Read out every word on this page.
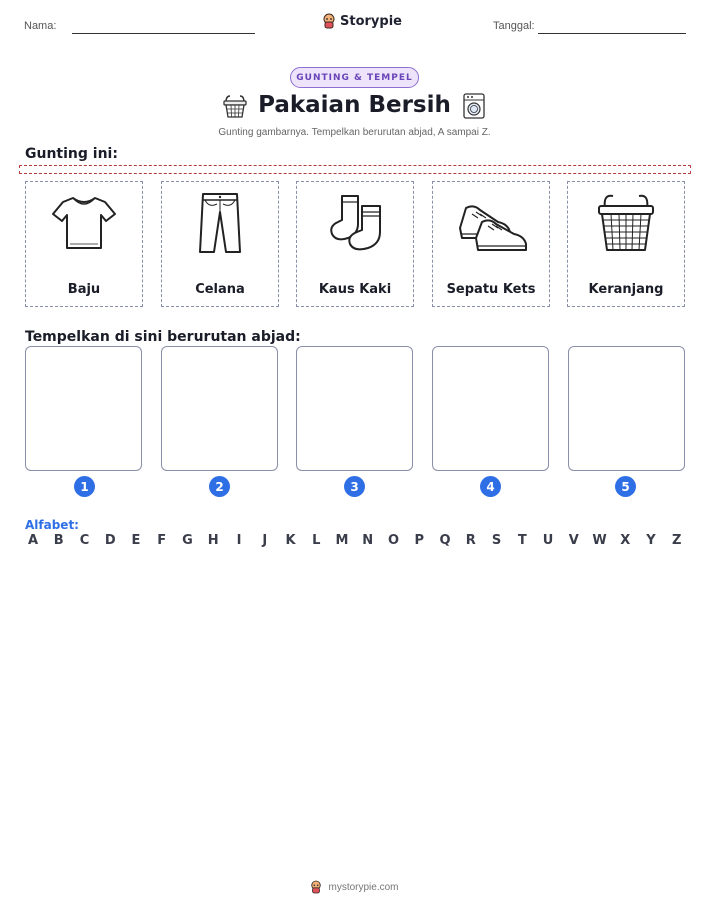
Nama:	Storypie	Tanggal:
GUNTING & TEMPEL
Pakaian Bersih
Gunting gambarnya. Tempelkan berurutan abjad, A sampai Z.
Gunting ini:
Baju	Celana	Kaus Kaki	Sepatu Kets	Keranjang
Tempelkan di sini berurutan abjad:
1	2	3	4	5
Alfabet:
A B C D E F G H	I	J	K L M N O P Q R S T U V W X Y Z
mystorypie.com
